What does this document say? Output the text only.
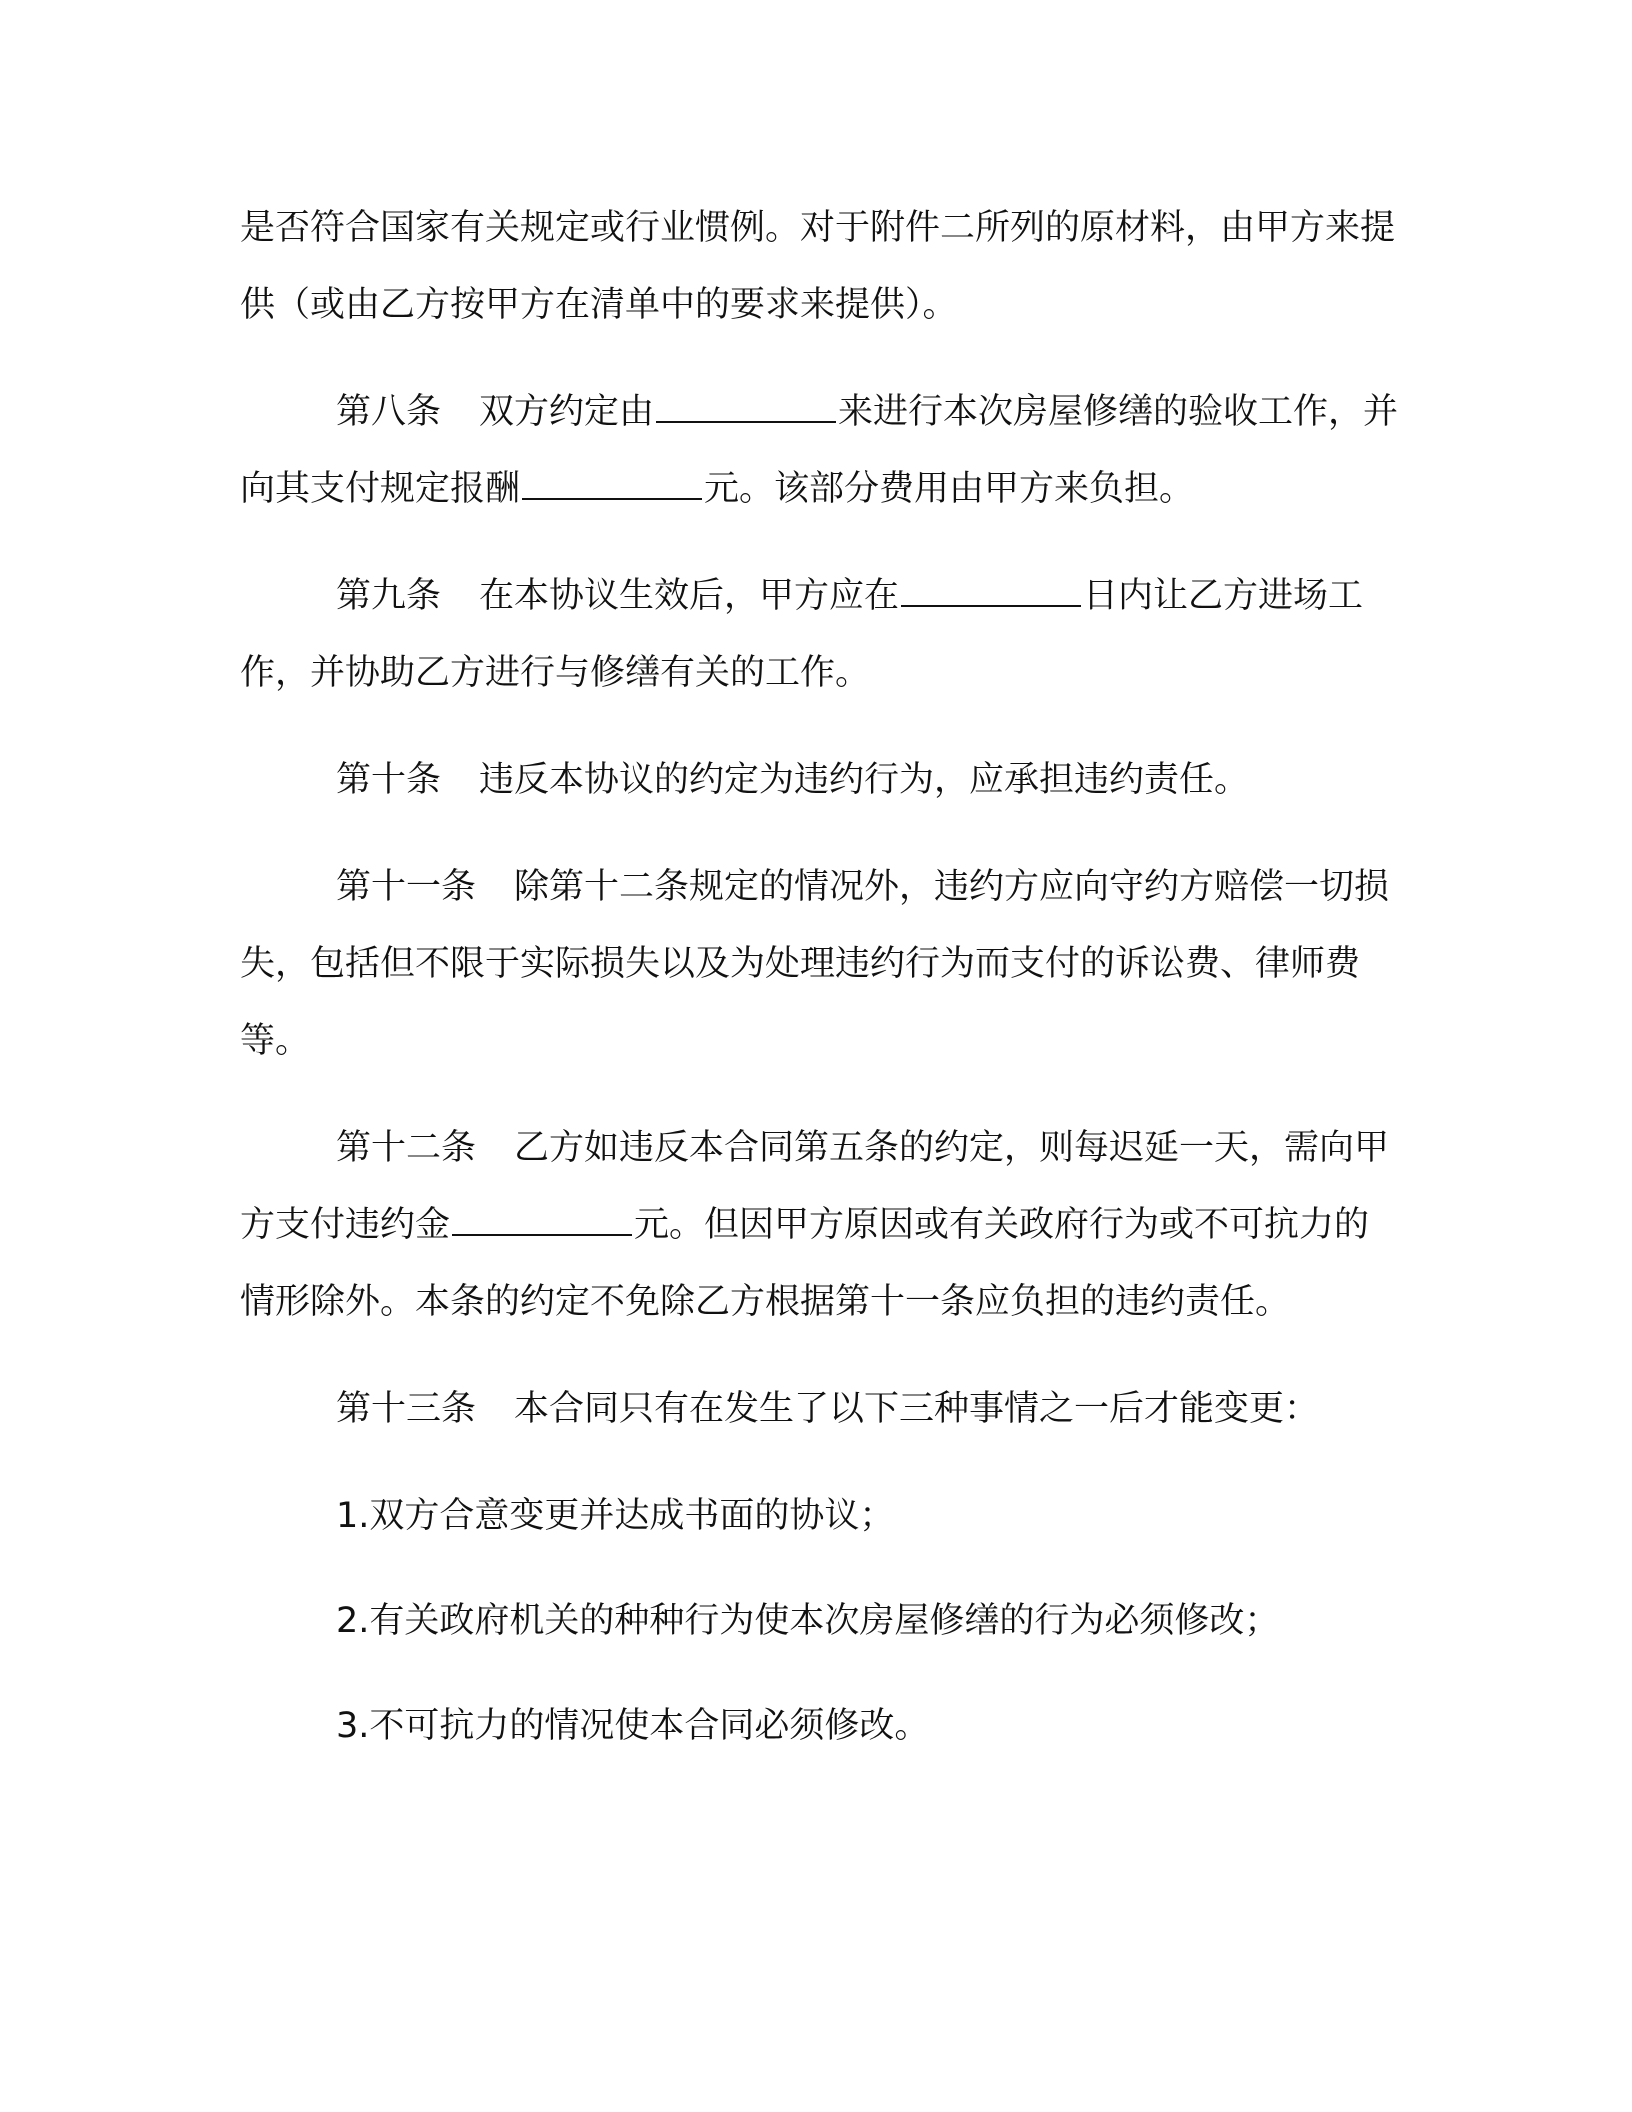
是否符合国家有关规定或行业惯例。对于附件二所列的原材料，由甲方来提供（或由乙方按甲方在清单中的要求来提供）。

第八条 双方约定由	来进行本次房屋修缮的验收工作，并向其支付规定报酬	元。该部分费用由甲方来负担。

第九条 在本协议生效后，甲方应在	日内让乙方进场工作，并协助乙方进行与修缮有关的工作。

第十条 违反本协议的约定为违约行为，应承担违约责任。

第十一条 除第十二条规定的情况外，违约方应向守约方赔偿一切损失，包括但不限于实际损失以及为处理违约行为而支付的诉讼费、律师费等。

第十二条 乙方如违反本合同第五条的约定，则每迟延一天，需向甲方支付违约金	元。但因甲方原因或有关政府行为或不可抗力的情形除外。本条的约定不免除乙方根据第十一条应负担的违约责任。

第十三条 本合同只有在发生了以下三种事情之一后才能变更：

1.双方合意变更并达成书面的协议；

2.有关政府机关的种种行为使本次房屋修缮的行为必须修改；

3.不可抗力的情况使本合同必须修改。
